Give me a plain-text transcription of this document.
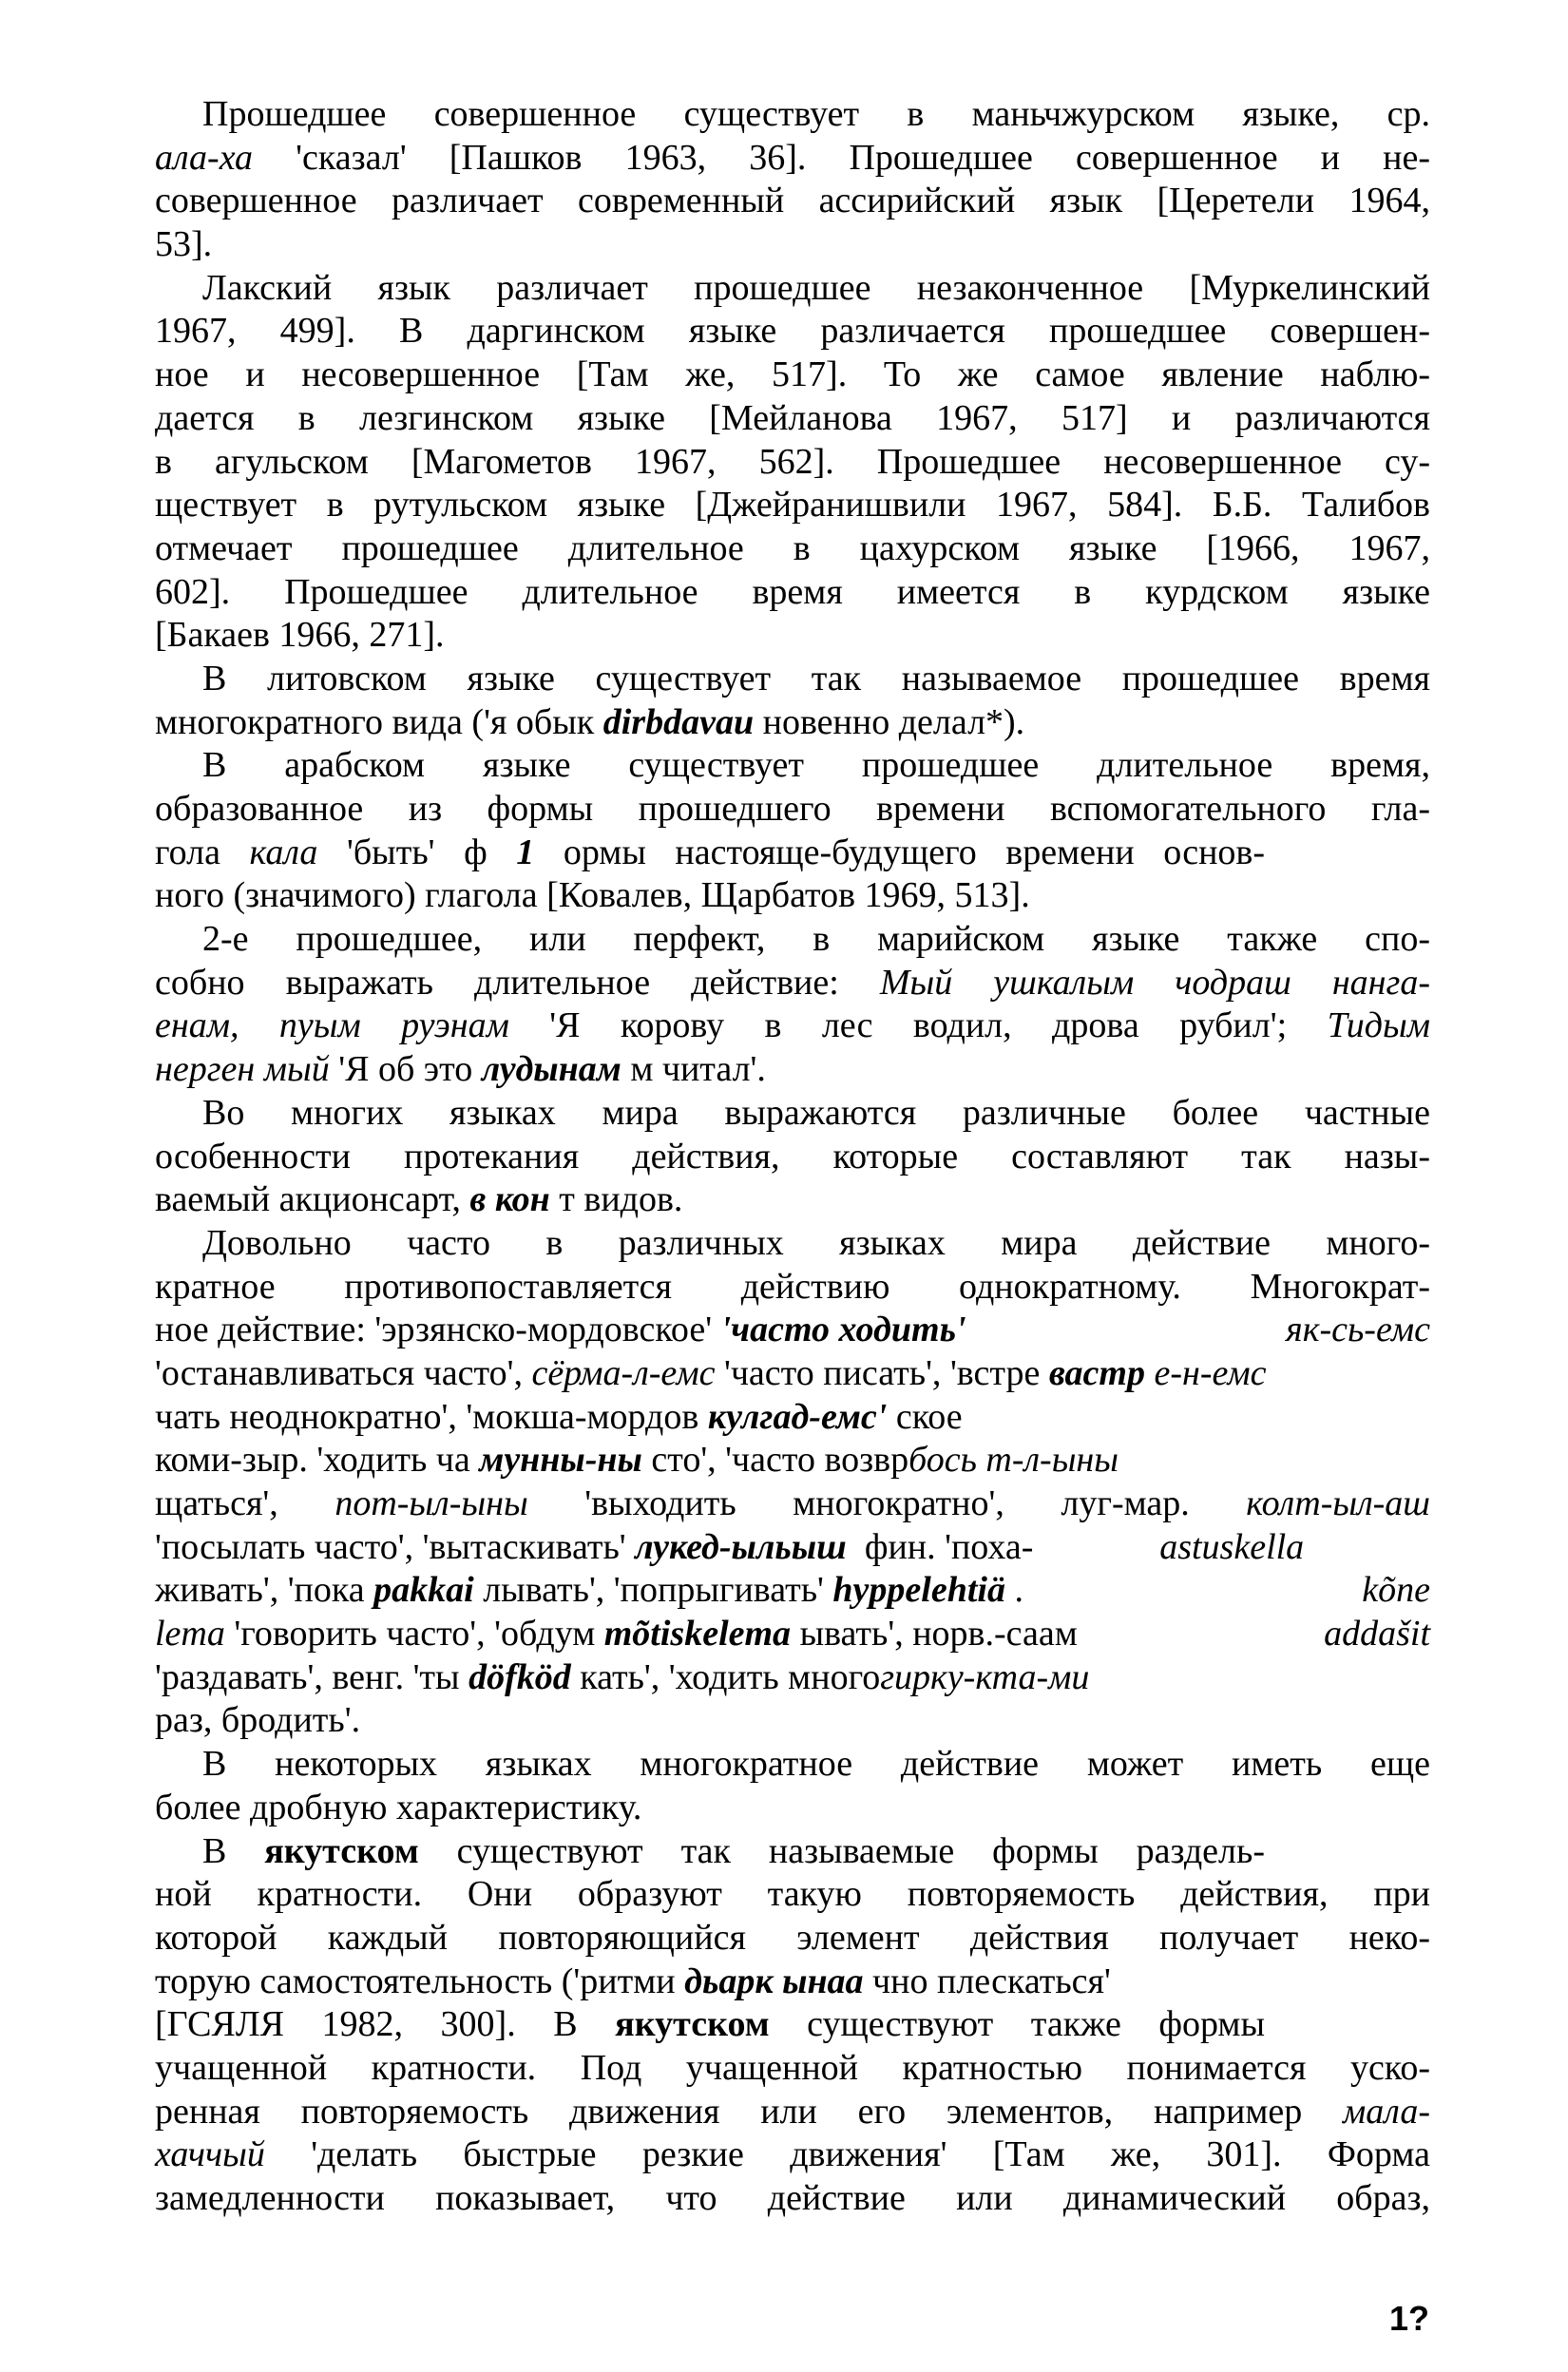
Прошедшее совершенное существует в маньчжурском языке, ср.
ала-ха 'сказал' [Пашков 1963, 36]. Прошедшее совершенное и не-
совершенное различает современный ассирийский язык [Церетели 1964,
53].
Лакский язык различает прошедшее незаконченное [Муркелинский
1967, 499]. В даргинском языке различается прошедшее совершен-
ное и несовершенное [Там же, 517]. То же самое явление наблю-
дается в лезгинском языке [Мейланова 1967, 517] и различаются
в агульском [Магометов 1967, 562]. Прошедшее несовершенное су-
ществует в рутульском языке [Джейранишвили 1967, 584]. Б.Б. Талибов
отмечает прошедшее длительное в цахурском языке [1966, 1967,
602]. Прошедшее длительное время имеется в курдском языке
[Бакаев 1966, 271].
В литовском языке существует так называемое прошедшее время
многократного вида ('я обык dirbdavau новенно делал*).
В арабском языке существует прошедшее длительное время,
образованное из формы прошедшего времени вспомогательного гла-
гола кала 'быть' ф 1 ормы настояще-будущего времени основ-
ного (значимого) глагола [Ковалев, Щарбатов 1969, 513].
2-е прошедшее, или перфект, в марийском языке также спо-
собно выражать длительное действие: Мый ушкалым чодраш нанга-
енам, пуым руэнам 'Я корову в лес водил, дрова рубил'; Тидым
нерген мый 'Я об это лудынам м читал'.
Во многих языках мира выражаются различные более частные
особенности протекания действия, которые составляют так назы-
ваемый акционсарт, в кон т видов.
Довольно часто в различных языках мира действие много-
кратное противопоставляется действию однократному. Многократ-
ное действие: 'эрзянско-мордовское'
'часто ходить'
	як-сь-емс
'останавливаться часто', сёрма-л-емс 'часто писать', 'встре вастр е-н-емс
чать неоднократно', 'мокша-мордов кулгад-емс' ское
коми-зыр. 'ходить ча мунны-ны сто', 'часто возврбось т-л-ыны
щаться', пот-ыл-ыны 'выходить многократно', луг-мар. колт-ыл-аш
'посылать часто', 'вытаскивать'
лукед-ыльыш
фин. 'поха-	astuskella
живать', 'пока
pakkai
лывать', 'попрыг ивать'
hyppelehtiä
.	kõne
lema 'говорить часто', 'обдум
mõtiskelema
ывать', норв.-саам	addašit
'раздавать', венг. 'ты döfköd кать', 'ходить многогирку-кта-ми
раз, бродить'.
В некоторых языках многократное действие может иметь еще
более дробную характеристику.
В якутском существуют так называемые формы раздель-
ной кратности. Они образуют такую повторяемость действия, при
которой каждый повторяющийся элемент действия получает неко-
торую самостоятельность ('ритми дьарк ынаа чно плескаться'
[ГСЯЛЯ 1982, 300]. В якутском существуют также формы
учащенной кратности. Под учащенной кратностью понимается уско-
ренная повторяемость движения или его элементов, например мала-
хаччый 'делать быстрые резкие движения' [Там же, 301]. Форма
замедленности показывает, что действие или динамический образ,
1?
